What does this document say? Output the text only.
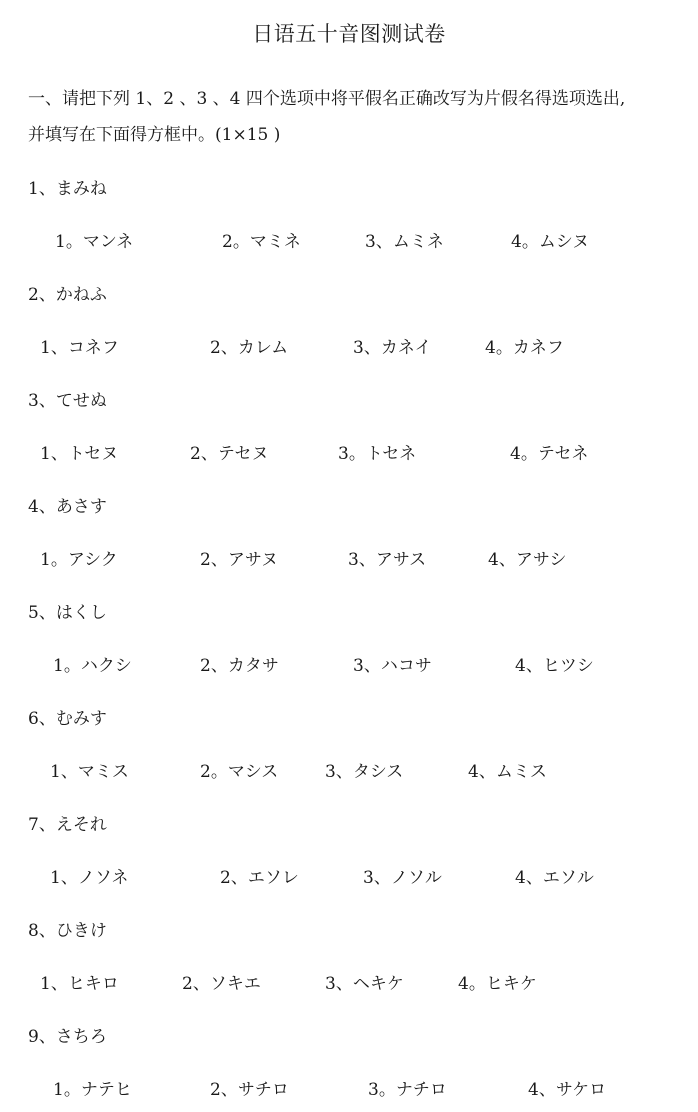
日语五十音图测试卷
一、请把下列 1、2 、3 、4 四个选项中将平假名正确改写为片假名得选项选出,
并填写在下面得方框中。(1×15 )
1、まみね
1。マンネ	2。マミネ	3、ムミネ	4。ムシヌ
2、かねふ
1、コネフ	2、カレム	3、カネイ	4。カネフ
3、てせぬ
1、トセヌ	2、テセヌ	3。トセネ	4。テセネ
4、あさす
1。アシク	2、アサヌ	3、アサス	4、アサシ
5、はくし
1。ハクシ	2、カタサ	3、ハコサ	4、ヒツシ
6、むみす
1、マミス	2。マシス	3、タシス	4、ムミス
7、えそれ
1、ノソネ	2、エソレ	3、ノソル	4、エソル
8、ひきけ
1、ヒキロ	2、ソキエ	3、ヘキケ	4。ヒキケ
9、さちろ
1。ナテヒ	2、サチロ	3。ナチロ	4、サケロ
